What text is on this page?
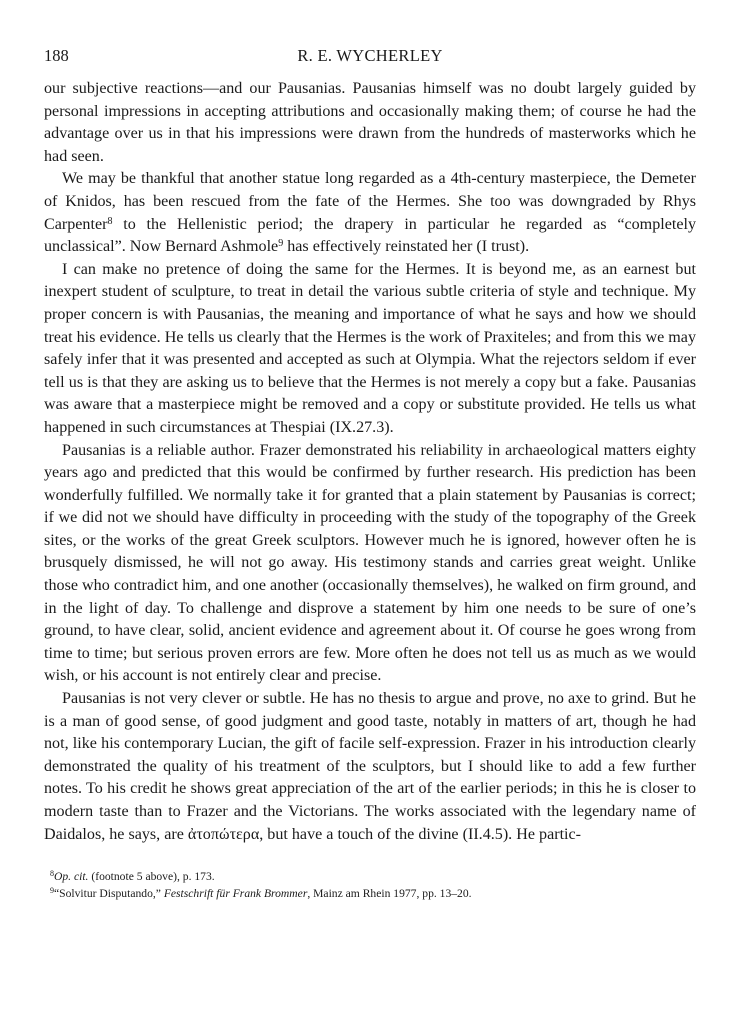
188	R. E. WYCHERLEY

our subjective reactions—and our Pausanias. Pausanias himself was no doubt largely guided by personal impressions in accepting attributions and occasionally making them; of course he had the advantage over us in that his impressions were drawn from the hundreds of masterworks which he had seen.

We may be thankful that another statue long regarded as a 4th-century masterpiece, the Demeter of Knidos, has been rescued from the fate of the Hermes. She too was downgraded by Rhys Carpenter$^8$ to the Hellenistic period; the drapery in particular he regarded as “completely unclassical”. Now Bernard Ashmole$^9$ has effectively reinstated her (I trust).

I can make no pretence of doing the same for the Hermes. It is beyond me, as an earnest but inexpert student of sculpture, to treat in detail the various subtle criteria of style and technique. My proper concern is with Pausanias, the meaning and importance of what he says and how we should treat his evidence. He tells us clearly that the Hermes is the work of Praxiteles; and from this we may safely infer that it was presented and accepted as such at Olympia. What the rejectors seldom if ever tell us is that they are asking us to believe that the Hermes is not merely a copy but a fake. Pausanias was aware that a masterpiece might be removed and a copy or substitute provided. He tells us what happened in such circumstances at Thespiai (IX.27.3).

Pausanias is a reliable author. Frazer demonstrated his reliability in archaeological matters eighty years ago and predicted that this would be confirmed by further research. His prediction has been wonderfully fulfilled. We normally take it for granted that a plain statement by Pausanias is correct; if we did not we should have difficulty in proceeding with the study of the topography of the Greek sites, or the works of the great Greek sculptors. However much he is ignored, however often he is brusquely dismissed, he will not go away. His testimony stands and carries great weight. Unlike those who contradict him, and one another (occasionally themselves), he walked on firm ground, and in the light of day. To challenge and disprove a statement by him one needs to be sure of one’s ground, to have clear, solid, ancient evidence and agreement about it. Of course he goes wrong from time to time; but serious proven errors are few. More often he does not tell us as much as we would wish, or his account is not entirely clear and precise.

Pausanias is not very clever or subtle. He has no thesis to argue and prove, no axe to grind. But he is a man of good sense, of good judgment and good taste, notably in matters of art, though he had not, like his contemporary Lucian, the gift of facile self-expression. Frazer in his introduction clearly demonstrated the quality of his treatment of the sculptors, but I should like to add a few further notes. To his credit he shows great appreciation of the art of the earlier periods; in this he is closer to modern taste than to Frazer and the Victorians. The works associated with the legendary name of Daidalos, he says, are ἀτοπώτερα, but have a touch of the divine (II.4.5). He partic-

$^8$Op. cit. (footnote 5 above), p. 173.

$^9$“Solvitur Disputando,” Festschrift für Frank Brommer, Mainz am Rhein 1977, pp. 13–20.
